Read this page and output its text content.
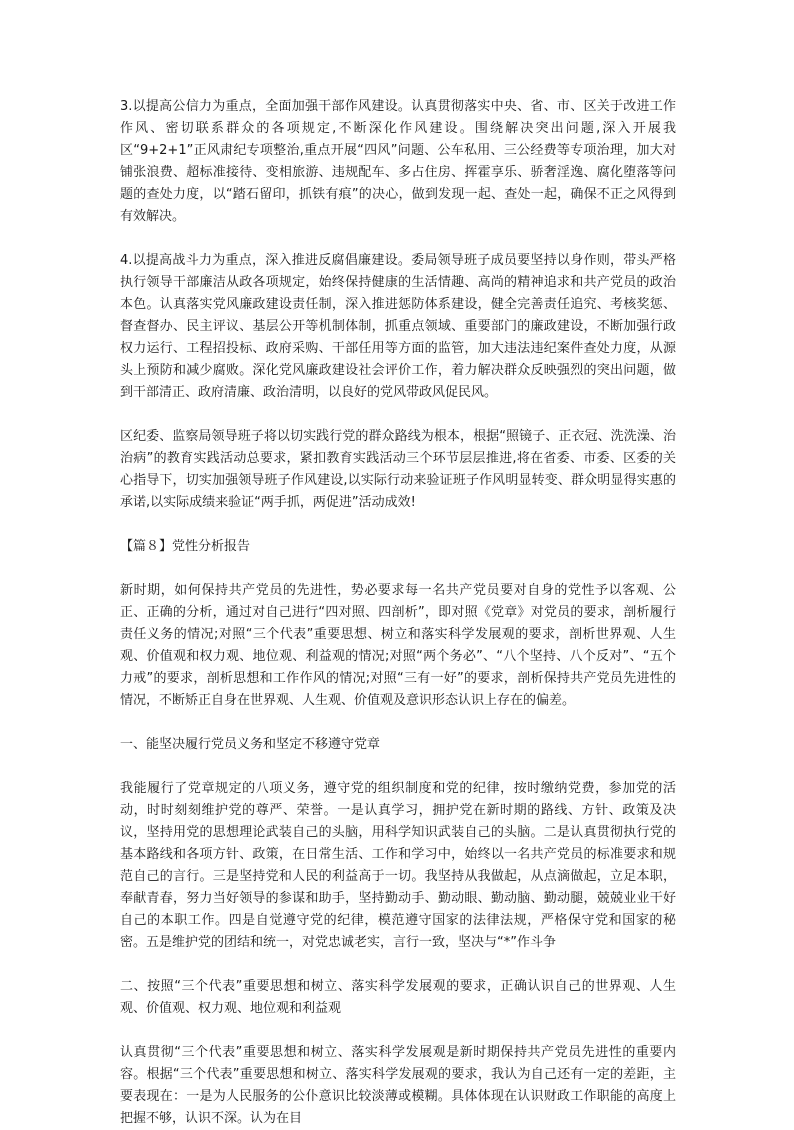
3.以提高公信力为重点，全面加强干部作风建设。认真贯彻落实中央、省、市、区关于改进工作作风、密切联系群众的各项规定,不断深化作风建设。围绕解决突出问题,深入开展我区“9+2+1”正风肃纪专项整治,重点开展“四风”问题、公车私用、三公经费等专项治理，加大对铺张浪费、超标准接待、变相旅游、违规配车、多占住房、挥霍享乐、骄奢淫逸、腐化堕落等问题的查处力度，以“踏石留印，抓铁有痕”的决心，做到发现一起、查处一起，确保不正之风得到有效解决。

4.以提高战斗力为重点，深入推进反腐倡廉建设。委局领导班子成员要坚持以身作则，带头严格执行领导干部廉洁从政各项规定，始终保持健康的生活情趣、高尚的精神追求和共产党员的政治本色。认真落实党风廉政建设责任制，深入推进惩防体系建设，健全完善责任追究、考核奖惩、督查督办、民主评议、基层公开等机制体制，抓重点领域、重要部门的廉政建设，不断加强行政权力运行、工程招投标、政府采购、干部任用等方面的监管，加大违法违纪案件查处力度，从源头上预防和减少腐败。深化党风廉政建设社会评价工作，着力解决群众反映强烈的突出问题，做到干部清正、政府清廉、政治清明，以良好的党风带政风促民风。

区纪委、监察局领导班子将以切实践行党的群众路线为根本，根据“照镜子、正衣冠、洗洗澡、治治病”的教育实践活动总要求，紧扣教育实践活动三个环节层层推进,将在省委、市委、区委的关心指导下，切实加强领导班子作风建设,以实际行动来验证班子作风明显转变、群众明显得实惠的承诺,以实际成绩来验证“两手抓，两促进”活动成效!

【篇８】党性分析报告

新时期，如何保持共产党员的先进性，势必要求每一名共产党员要对自身的党性予以客观、公正、正确的分析，通过对自己进行“四对照、四剖析”，即对照《党章》对党员的要求，剖析履行责任义务的情况;对照“三个代表”重要思想、树立和落实科学发展观的要求，剖析世界观、人生观、价值观和权力观、地位观、利益观的情况;对照“两个务必”、“八个坚持、八个反对”、“五个力戒”的要求，剖析思想和工作作风的情况;对照“三有一好”的要求，剖析保持共产党员先进性的情况，不断矫正自身在世界观、人生观、价值观及意识形态认识上存在的偏差。

一、能坚决履行党员义务和坚定不移遵守党章

我能履行了党章规定的八项义务，遵守党的组织制度和党的纪律，按时缴纳党费，参加党的活动，时时刻刻维护党的尊严、荣誉。一是认真学习，拥护党在新时期的路线、方针、政策及决议，坚持用党的思想理论武装自己的头脑，用科学知识武装自己的头脑。二是认真贯彻执行党的基本路线和各项方针、政策，在日常生活、工作和学习中，始终以一名共产党员的标准要求和规范自己的言行。三是坚持党和人民的利益高于一切。我坚持从我做起，从点滴做起，立足本职，奉献青春，努力当好领导的参谋和助手，坚持勤动手、勤动眼、勤动脑、勤动腿，兢兢业业干好自己的本职工作。四是自觉遵守党的纪律，模范遵守国家的法律法规，严格保守党和国家的秘密。五是维护党的团结和统一，对党忠诚老实，言行一致，坚决与“*”作斗争

二、按照“三个代表”重要思想和树立、落实科学发展观的要求，正确认识自己的世界观、人生观、价值观、权力观、地位观和利益观

认真贯彻“三个代表”重要思想和树立、落实科学发展观是新时期保持共产党员先进性的重要内容。根据“三个代表”重要思想和树立、落实科学发展观的要求，我认为自己还有一定的差距，主要表现在：一是为人民服务的公仆意识比较淡薄或模糊。具体体现在认识财政工作职能的高度上把握不够，认识不深。认为在目
